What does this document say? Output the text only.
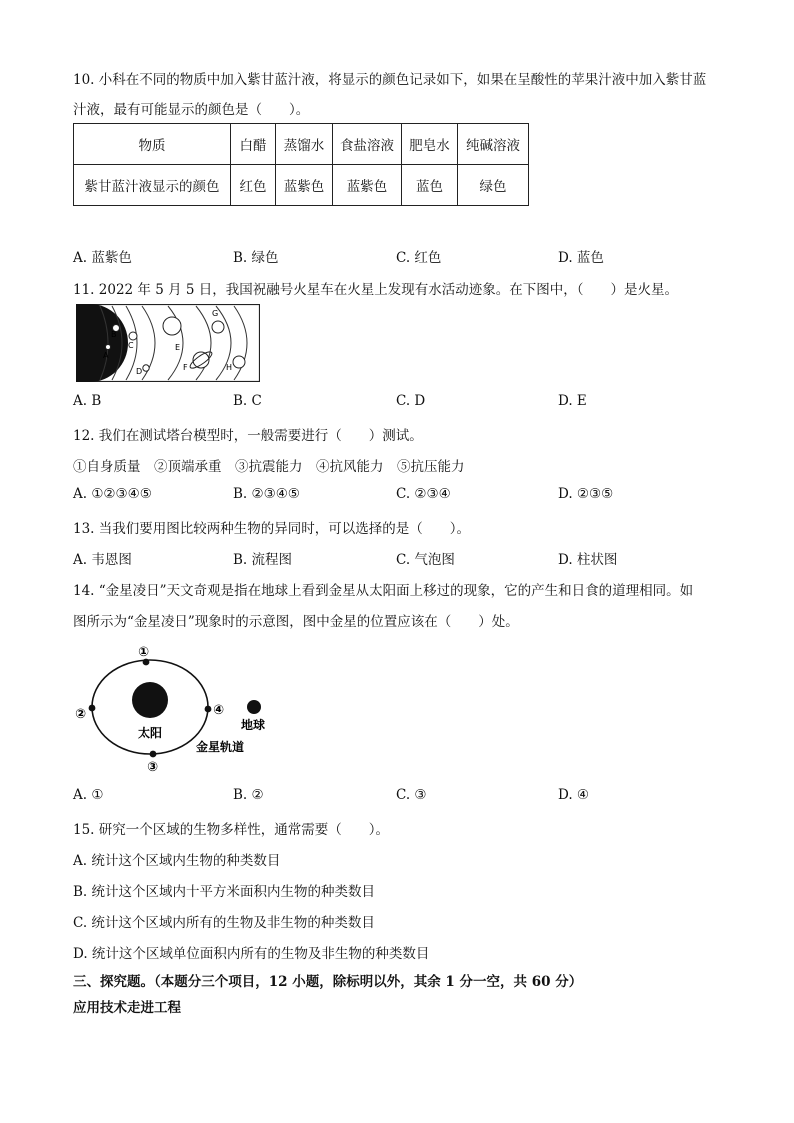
10. 小科在不同的物质中加入紫甘蓝汁液，将显示的颜色记录如下，如果在呈酸性的苹果汁液中加入紫甘蓝
汁液，最有可能显示的颜色是（　　）。
物质	白醋	蒸馏水	食盐溶液	肥皂水	纯碱溶液
紫甘蓝汁液显示的颜色	红色	蓝紫色	蓝紫色	蓝色	绿色
A. 蓝紫色	B. 绿色	C. 红色	D. 蓝色
11. 2022 年 5 月 5 日，我国祝融号火星车在火星上发现有水活动迹象。在下图中，（　　）是火星。
A
B
C
D
E
F
G
H
A. B	B. C	C. D	D. E
12. 我们在测试塔台模型时，一般需要进行（　　）测试。
①自身质量　②顶端承重　③抗震能力　④抗风能力　⑤抗压能力
A. ①②③④⑤	B. ②③④⑤	C. ②③④	D. ②③⑤
13. 当我们要用图比较两种生物的异同时，可以选择的是（　　）。
A. 韦恩图	B. 流程图	C. 气泡图	D. 柱状图
14. “金星凌日”天文奇观是指在地球上看到金星从太阳面上移过的现象，它的产生和日食的道理相同。如
图所示为“金星凌日”现象时的示意图，图中金星的位置应该在（　　）处。
①
②
③
④
太阳
地球
金星轨道
A. ①	B. ②	C. ③	D. ④
15. 研究一个区域的生物多样性，通常需要（　　）。
A. 统计这个区域内生物的种类数目
B. 统计这个区域内十平方米面积内生物的种类数目
C. 统计这个区域内所有的生物及非生物的种类数目
D. 统计这个区域单位面积内所有的生物及非生物的种类数目
三、探究题。（本题分三个项目，12 小题，除标明以外，其余 1 分一空，共 60 分）
应用技术走进工程
